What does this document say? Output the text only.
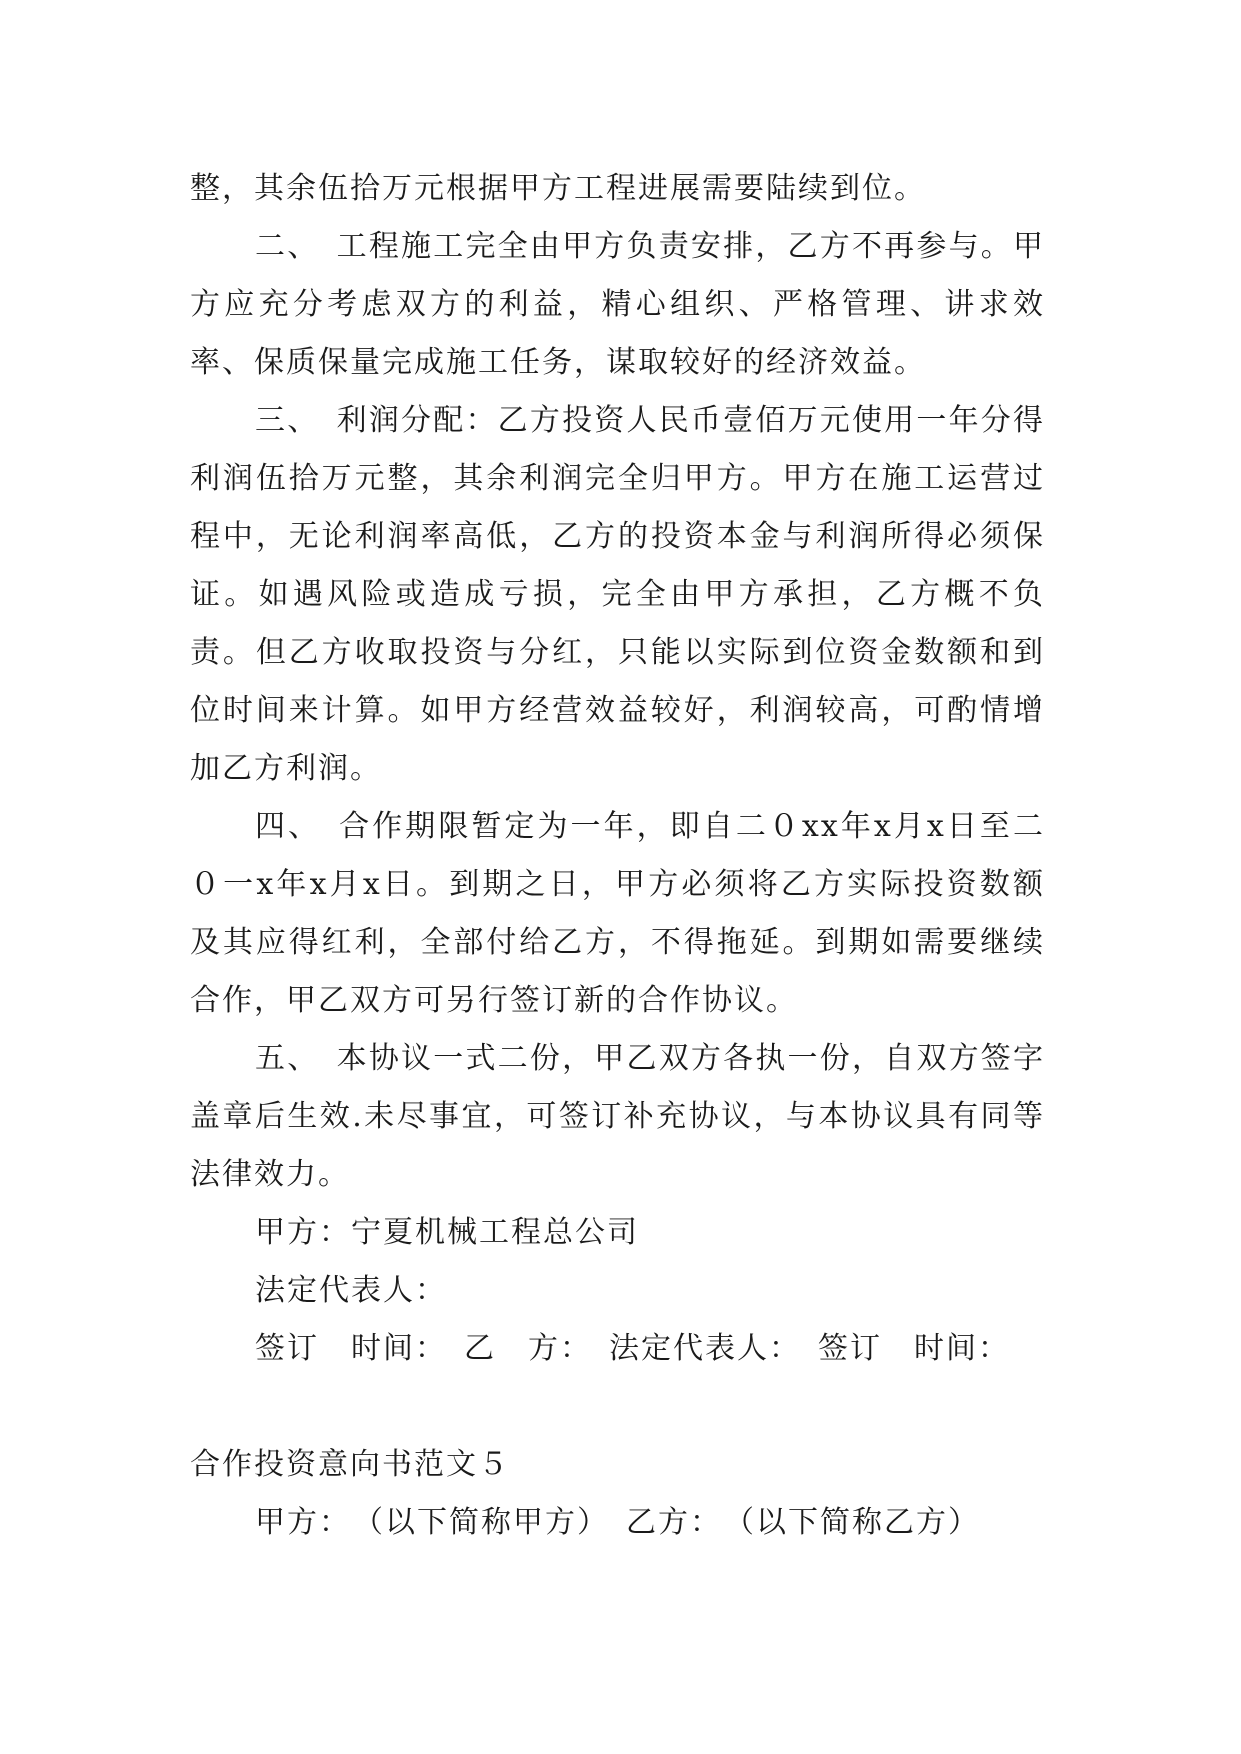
整，其余伍拾万元根据甲方工程进展需要陆续到位。

二、　工程施工完全由甲方负责安排，乙方不再参与。甲方应充分考虑双方的利益，精心组织、严格管理、讲求效率、保质保量完成施工任务，谋取较好的经济效益。

三、　利润分配：乙方投资人民币壹佰万元使用一年分得利润伍拾万元整，其余利润完全归甲方。甲方在施工运营过程中，无论利润率高低，乙方的投资本金与利润所得必须保证。如遇风险或造成亏损，完全由甲方承担，乙方概不负责。但乙方收取投资与分红，只能以实际到位资金数额和到位时间来计算。如甲方经营效益较好，利润较高，可酌情增加乙方利润。

四、　合作期限暂定为一年，即自二０xx年x月x日至二０一x年x月x日。到期之日，甲方必须将乙方实际投资数额及其应得红利，全部付给乙方，不得拖延。到期如需要继续合作，甲乙双方可另行签订新的合作协议。

五、　本协议一式二份，甲乙双方各执一份，自双方签字盖章后生效.未尽事宜，可签订补充协议，与本协议具有同等法律效力。

甲方：宁夏机械工程总公司
法定代表人：
签订　时间：　乙　方：　法定代表人：　签订　时间：

合作投资意向书范文５

甲方：　（以下简称甲方）　乙方：　（以下简称乙方）
